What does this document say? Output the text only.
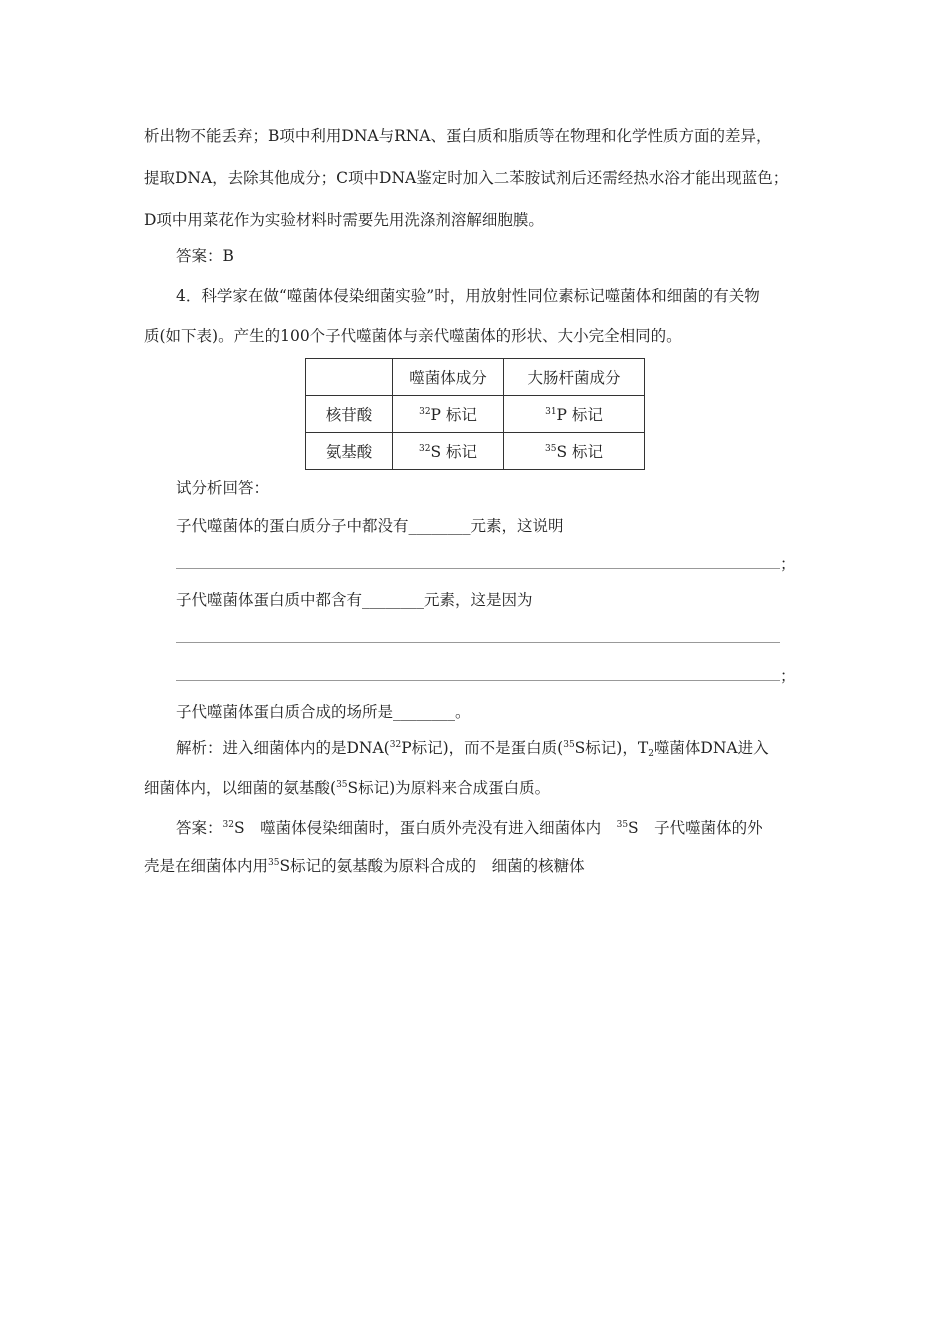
析出物不能丢弃；B项中利用DNA与RNA、蛋白质和脂质等在物理和化学性质方面的差异，
提取DNA，去除其他成分；C项中DNA鉴定时加入二苯胺试剂后还需经热水浴才能出现蓝色；
D项中用菜花作为实验材料时需要先用洗涤剂溶解细胞膜。
答案：B
4．科学家在做“噬菌体侵染细菌实验”时，用放射性同位素标记噬菌体和细菌的有关物
质(如下表)。产生的100个子代噬菌体与亲代噬菌体的形状、大小完全相同的。
	噬菌体成分	大肠杆菌成分
核苷酸	$^{32}$P 标记	$^{31}$P 标记
氨基酸	$^{32}$S 标记	$^{35}$S 标记
试分析回答：
子代噬菌体的蛋白质分子中都没有________元素，这说明
；
子代噬菌体蛋白质中都含有________元素，这是因为
；
子代噬菌体蛋白质合成的场所是________。
解析：进入细菌体内的是DNA($^{32}$P标记)，而不是蛋白质($^{35}$S标记)，$T_2$噬菌体DNA进入
细菌体内，以细菌的氨基酸($^{35}$S标记)为原料来合成蛋白质。
答案：$^{32}$S　噬菌体侵染细菌时，蛋白质外壳没有进入细菌体内　$^{35}$S　子代噬菌体的外
壳是在细菌体内用$^{35}$S标记的氨基酸为原料合成的　细菌的核糖体
